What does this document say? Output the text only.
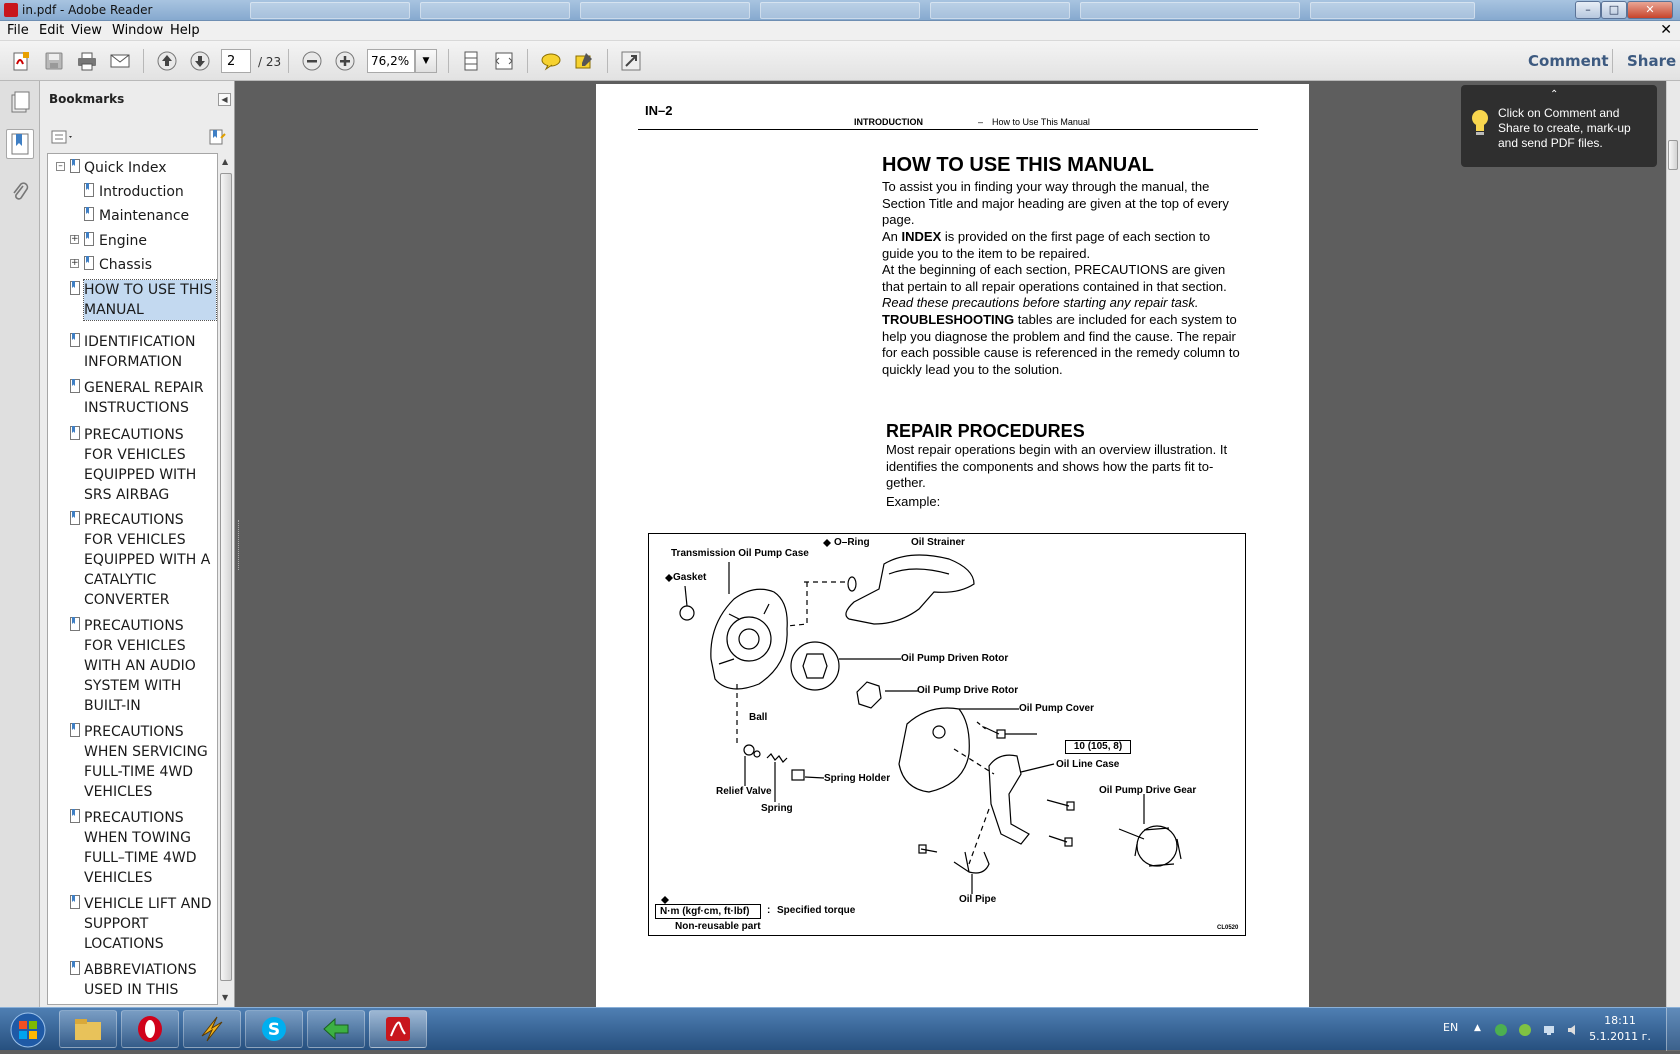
in.pdf - Adobe Reader	–	□	✕
File Edit View Window Help	✕
2
/ 23
76,2%	▼	Comment Share
Bookmarks	◀
– Quick Index
Introduction
Maintenance
+ Engine
+ Chassis
HOW TO USE THIS
MANUAL
IDENTIFICATION
INFORMATION
GENERAL REPAIR
INSTRUCTIONS
PRECAUTIONS
FOR VEHICLES
EQUIPPED WITH
SRS AIRBAG
PRECAUTIONS
FOR VEHICLES
EQUIPPED WITH A
CATALYTIC
CONVERTER
PRECAUTIONS
FOR VEHICLES
WITH AN AUDIO
SYSTEM WITH
BUILT-IN
PRECAUTIONS
WHEN SERVICING
FULL-TIME 4WD
VEHICLES
PRECAUTIONS
WHEN TOWING
FULL–TIME 4WD
VEHICLES
VEHICLE LIFT AND
SUPPORT
LOCATIONS
ABBREVIATIONS
USED IN THIS
▲
▼
IN–2
INTRODUCTION	– How to Use This Manual
HOW TO USE THIS MANUAL
To assist you in finding your way through the manual, the Section Title and major heading are given at the top of every page.
An INDEX is provided on the first page of each section to guide you to the item to be repaired.
At the beginning of each section, PRECAUTIONS are given that pertain to all repair operations contained in that section.
Read these precautions before starting any repair task.
TROUBLESHOOTING tables are included for each system to help you diagnose the problem and find the cause. The repair for each possible cause is referenced in the remedy column to quickly lead you to the solution.
REPAIR PROCEDURES
Most repair operations begin with an overview illustration. It identifies the components and shows how the parts fit to-gether.
Example:
O–Ring	Oil Strainer
Transmission Oil Pump Case
Gasket
Oil Pump Driven Rotor
Oil Pump Drive Rotor
Ball
Oil Pump Cover
10 (105, 8)
Oil Line Case
Oil Pump Drive Gear
Relief Valve
Spring Holder
Spring
Oil Pipe
N·m (kgf·cm, ft·lbf)	: Specified torque
Non-reusable part	CL0520
⌃
Click on Comment and Share to create, mark-up and send PDF files.
S	EN ▲
18:11
5.1.2011 г.
